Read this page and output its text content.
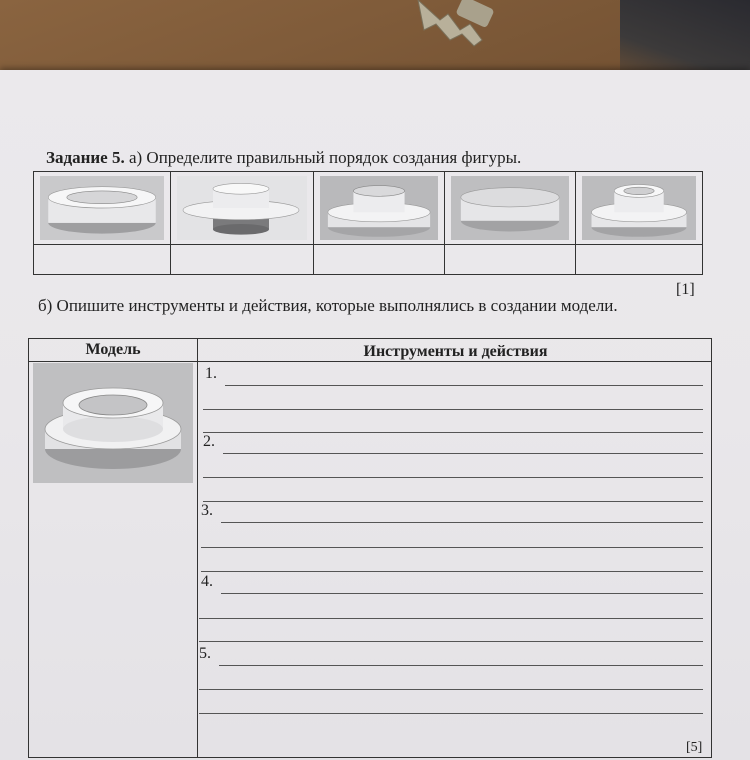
Задание 5. а) Определите правильный порядок создания фигуры.
[1]
б) Опишите инструменты и действия, которые выполнялись в создании модели.
Модель	Инструменты и действия
1.
2.
3.
4.
5.
[5]
